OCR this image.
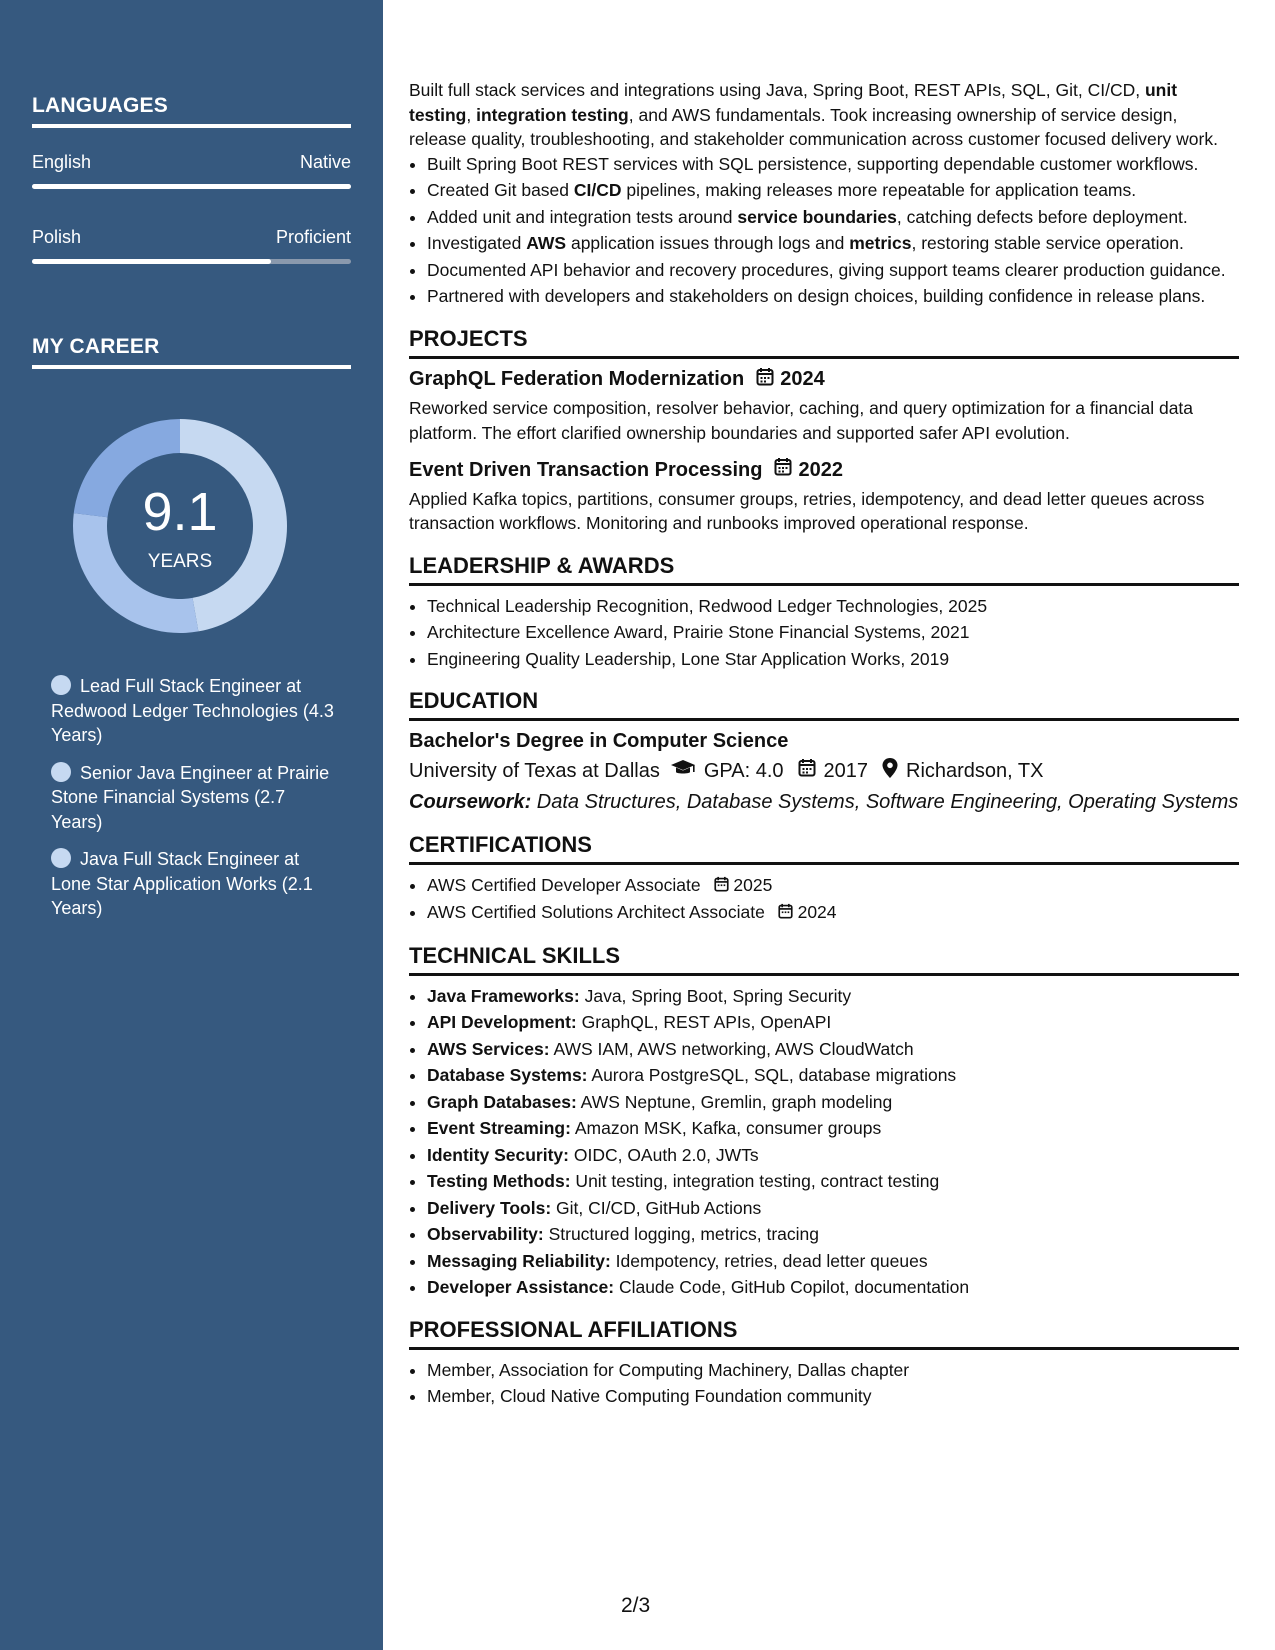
LANGUAGES
English	Native
Polish	Proficient
MY CAREER
9.1
YEARS
Lead Full Stack Engineer at Redwood Ledger Technologies (4.3 Years)
Senior Java Engineer at Prairie Stone Financial Systems (2.7 Years)
Java Full Stack Engineer at Lone Star Application Works (2.1 Years)

Built full stack services and integrations using Java, Spring Boot, REST APIs, SQL, Git, CI/CD, unit testing, integration testing, and AWS fundamentals. Took increasing ownership of service design, release quality, troubleshooting, and stakeholder communication across customer focused delivery work.

• Built Spring Boot REST services with SQL persistence, supporting dependable customer workflows.
• Created Git based CI/CD pipelines, making releases more repeatable for application teams.
• Added unit and integration tests around service boundaries, catching defects before deployment.
• Investigated AWS application issues through logs and metrics, restoring stable service operation.
• Documented API behavior and recovery procedures, giving support teams clearer production guidance.
• Partnered with developers and stakeholders on design choices, building confidence in release plans.
PROJECTS
GraphQL Federation Modernization 2024

Reworked service composition, resolver behavior, caching, and query optimization for a financial data platform. The effort clarified ownership boundaries and supported safer API evolution.

Event Driven Transaction Processing 2022

Applied Kafka topics, partitions, consumer groups, retries, idempotency, and dead letter queues across transaction workflows. Monitoring and runbooks improved operational response.

LEADERSHIP & AWARDS
• Technical Leadership Recognition, Redwood Ledger Technologies, 2025
• Architecture Excellence Award, Prairie Stone Financial Systems, 2021
• Engineering Quality Leadership, Lone Star Application Works, 2019
EDUCATION
Bachelor's Degree in Computer Science
University of Texas at Dallas GPA: 4.0 2017 Richardson, TX
Coursework: Data Structures, Database Systems, Software Engineering, Operating Systems
CERTIFICATIONS
• AWS Certified Developer Associate 2025
• AWS Certified Solutions Architect Associate 2024
TECHNICAL SKILLS
• Java Frameworks: Java, Spring Boot, Spring Security
• API Development: GraphQL, REST APIs, OpenAPI
• AWS Services: AWS IAM, AWS networking, AWS CloudWatch
• Database Systems: Aurora PostgreSQL, SQL, database migrations
• Graph Databases: AWS Neptune, Gremlin, graph modeling
• Event Streaming: Amazon MSK, Kafka, consumer groups
• Identity Security: OIDC, OAuth 2.0, JWTs
• Testing Methods: Unit testing, integration testing, contract testing
• Delivery Tools: Git, CI/CD, GitHub Actions
• Observability: Structured logging, metrics, tracing
• Messaging Reliability: Idempotency, retries, dead letter queues
• Developer Assistance: Claude Code, GitHub Copilot, documentation
PROFESSIONAL AFFILIATIONS
• Member, Association for Computing Machinery, Dallas chapter
• Member, Cloud Native Computing Foundation community
2/3
